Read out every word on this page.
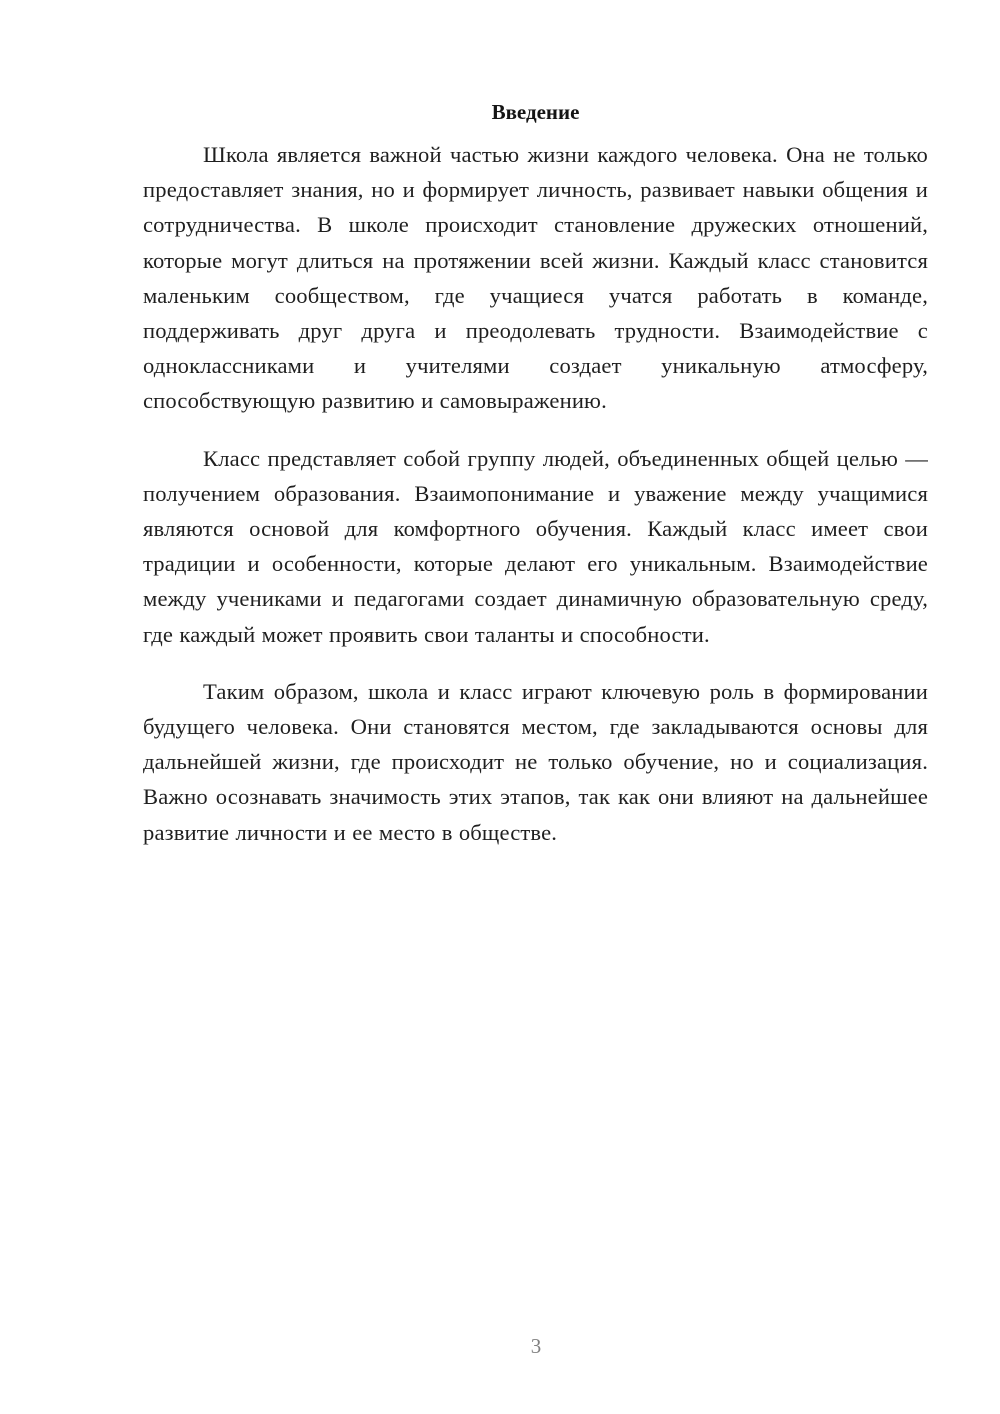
Введение

Школа является важной частью жизни каждого человека. Она не только предоставляет знания, но и формирует личность, развивает навыки общения и сотрудничества. В школе происходит становление дружеских отношений, которые могут длиться на протяжении всей жизни. Каждый класс становится маленьким сообществом, где учащиеся учатся работать в команде, поддерживать друг друга и преодолевать трудности. Взаимодействие с одноклассниками и учителями создает уникальную атмосферу, способствующую развитию и самовыражению.

Класс представляет собой группу людей, объединенных общей целью — получением образования. Взаимопонимание и уважение между учащимися являются основой для комфортного обучения. Каждый класс имеет свои традиции и особенности, которые делают его уникальным. Взаимодействие между учениками и педагогами создает динамичную образовательную среду, где каждый может проявить свои таланты и способности.

Таким образом, школа и класс играют ключевую роль в формировании будущего человека. Они становятся местом, где закладываются основы для дальнейшей жизни, где происходит не только обучение, но и социализация. Важно осознавать значимость этих этапов, так как они влияют на дальнейшее развитие личности и ее место в обществе.

3
